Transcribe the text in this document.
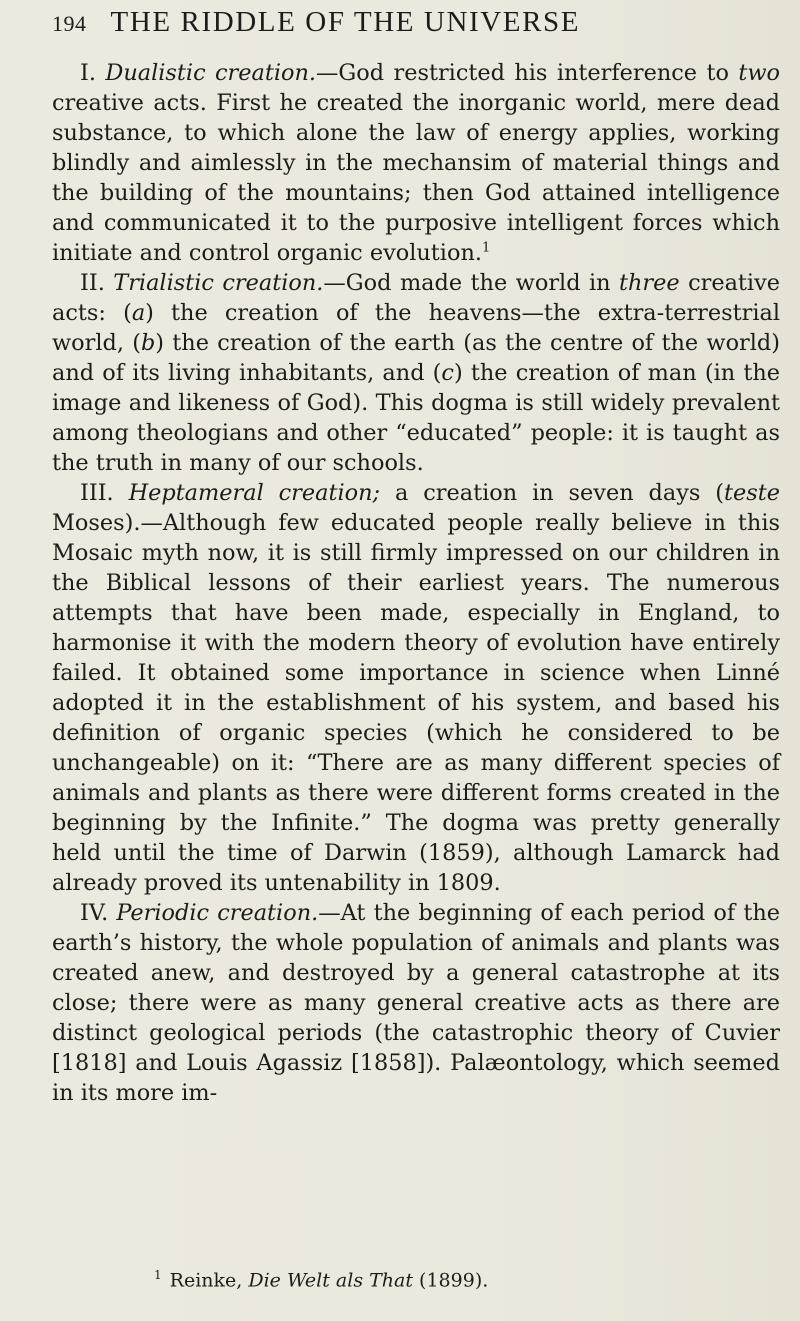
194 THE RIDDLE OF THE UNIVERSE

I. Dualistic creation.—God restricted his interference to two creative acts. First he created the inorganic world, mere dead substance, to which alone the law of energy applies, working blindly and aimlessly in the mechansim of material things and the building of the mountains; then God attained intelligence and communicated it to the purposive intelligent forces which initiate and control organic evolution.$^1$

II. Trialistic creation.—God made the world in three creative acts: (a) the creation of the heavens—the extra-terrestrial world, (b) the creation of the earth (as the centre of the world) and of its living inhabitants, and (c) the creation of man (in the image and likeness of God). This dogma is still widely prevalent among theologians and other “educated” people: it is taught as the truth in many of our schools.

III. Heptameral creation; a creation in seven days (teste Moses).—Although few educated people really believe in this Mosaic myth now, it is still firmly impressed on our children in the Biblical lessons of their earliest years. The numerous attempts that have been made, especially in England, to harmonise it with the modern theory of evolution have entirely failed. It obtained some importance in science when Linné adopted it in the establishment of his system, and based his definition of organic species (which he considered to be unchangeable) on it: “There are as many different species of animals and plants as there were different forms created in the beginning by the Infinite.” The dogma was pretty generally held until the time of Darwin (1859), although Lamarck had already proved its untenability in 1809.

IV. Periodic creation.—At the beginning of each period of the earth’s history, the whole population of animals and plants was created anew, and destroyed by a general catastrophe at its close; there were as many general creative acts as there are distinct geological periods (the catastrophic theory of Cuvier [1818] and Louis Agassiz [1858]). Palæontology, which seemed in its more im-

$^1$ Reinke, Die Welt als That (1899).
